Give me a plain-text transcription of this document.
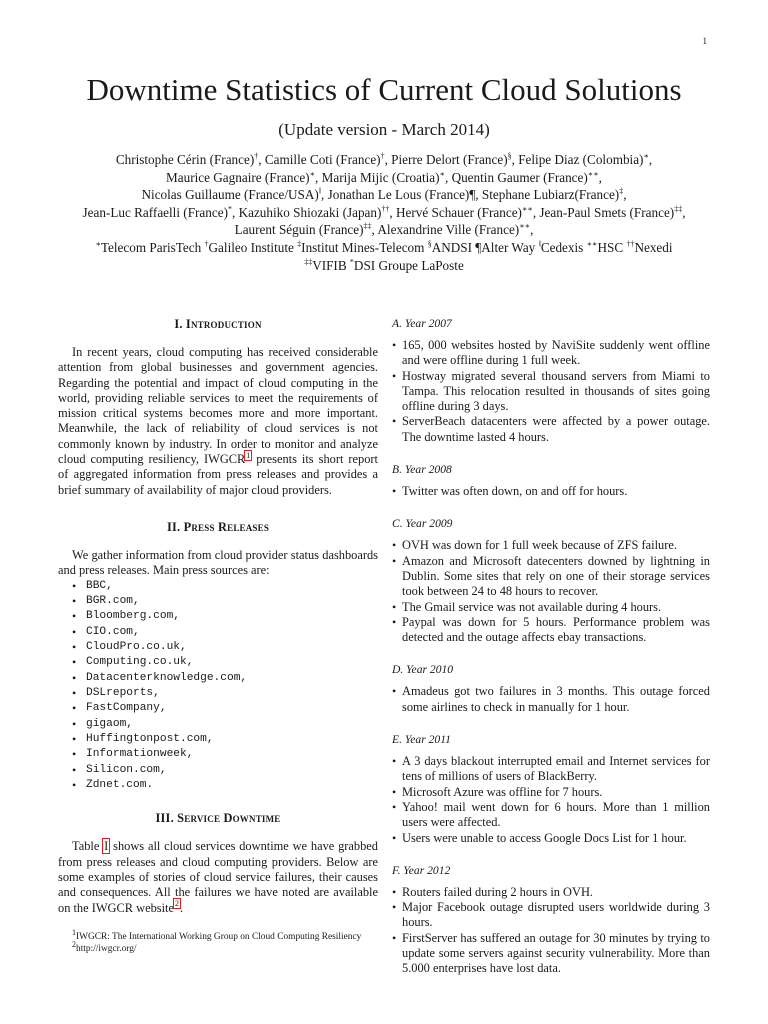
1
Downtime Statistics of Current Cloud Solutions
(Update version - March 2014)
Christophe Cérin (France)†, Camille Coti (France)†, Pierre Delort (France)§, Felipe Diaz (Colombia)∗,
Maurice Gagnaire (France)∗, Marija Mijic (Croatia)∗, Quentin Gaumer (France)∗∗,
Nicolas Guillaume (France/USA)‖, Jonathan Le Lous (France)¶, Stephane Lubiarz(France)‡,
Jean-Luc Raffaelli (France)*, Kazuhiko Shiozaki (Japan)††, Hervé Schauer (France)∗∗, Jean-Paul Smets (France)‡‡,
Laurent Séguin (France)‡‡, Alexandrine Ville (France)∗∗,
∗Telecom ParisTech †Galileo Institute ‡Institut Mines-Telecom §ANDSI ¶Alter Way ‖Cedexis ∗∗HSC ††Nexedi
‡‡VIFIB *DSI Groupe LaPoste
I. Introduction

In recent years, cloud computing has received considerable attention from global businesses and government agencies. Regarding the potential and impact of cloud computing in the world, providing reliable services to meet the requirements of mission critical systems becomes more and more important. Meanwhile, the lack of reliability of cloud services is not commonly known by industry. In order to monitor and analyze cloud computing resiliency, IWGCR$^1$ presents its short report of aggregated information from press releases and provides a brief summary of availability of major cloud providers.

II. Press Releases

We gather information from cloud provider status dashboards and press releases. Main press sources are:

• BBC,
• BGR.com,
• Bloomberg.com,
• CIO.com,
• CloudPro.co.uk,
• Computing.co.uk,
• Datacenterknowledge.com,
• DSLreports,
• FastCompany,
• gigaom,
• Huffingtonpost.com,
• Informationweek,
• Silicon.com,
• Zdnet.com.
III. Service Downtime

Table I shows all cloud services downtime we have grabbed from press releases and cloud computing providers. Below are some examples of stories of cloud service failures, their causes and consequences. All the failures we have noted are available on the IWGCR website$^2$.

$^1$IWGCR: The International Working Group on Cloud Computing Resiliency

$^2$http://iwgcr.org/

A. Year 2007

• 165, 000 websites hosted by NaviSite suddenly went offline and were offline during 1 full week.
• Hostway migrated several thousand servers from Miami to Tampa. This relocation resulted in thousands of sites going offline during 3 days.
• ServerBeach datacenters were affected by a power outage. The downtime lasted 4 hours.

B. Year 2008

• Twitter was often down, on and off for hours.

C. Year 2009

• OVH was down for 1 full week because of ZFS failure.
• Amazon and Microsoft datecenters downed by lightning in Dublin. Some sites that rely on one of their storage services took between 24 to 48 hours to recover.
• The Gmail service was not available during 4 hours.
• Paypal was down for 5 hours. Performance problem was detected and the outage affects ebay transactions.

D. Year 2010

• Amadeus got two failures in 3 months. This outage forced some airlines to check in manually for 1 hour.

E. Year 2011

• A 3 days blackout interrupted email and Internet services for tens of millions of users of BlackBerry.
• Microsoft Azure was offline for 7 hours.
• Yahoo! mail went down for 6 hours. More than 1 million users were affected.
• Users were unable to access Google Docs List for 1 hour.

F. Year 2012

• Routers failed during 2 hours in OVH.
• Major Facebook outage disrupted users worldwide during 3 hours.
• FirstServer has suffered an outage for 30 minutes by trying to update some servers against security vulnerability. More than 5.000 enterprises have lost data.
